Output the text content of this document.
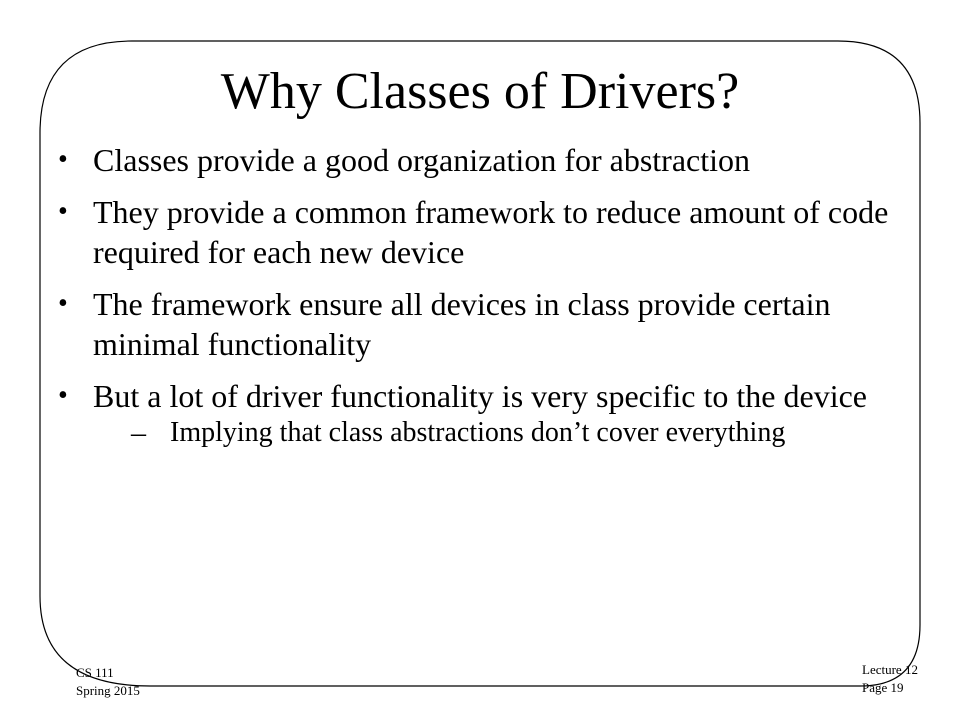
Why Classes of Drivers?
• Classes provide a good organization for abstraction
• They provide a common framework to reduce amount of code required for each new device
• The framework ensure all devices in class provide certain minimal functionality
• But a lot of driver functionality is very specific to the device
– Implying that class abstractions don’t cover everything
CS 111
Spring 2015
Lecture 12
Page 19
